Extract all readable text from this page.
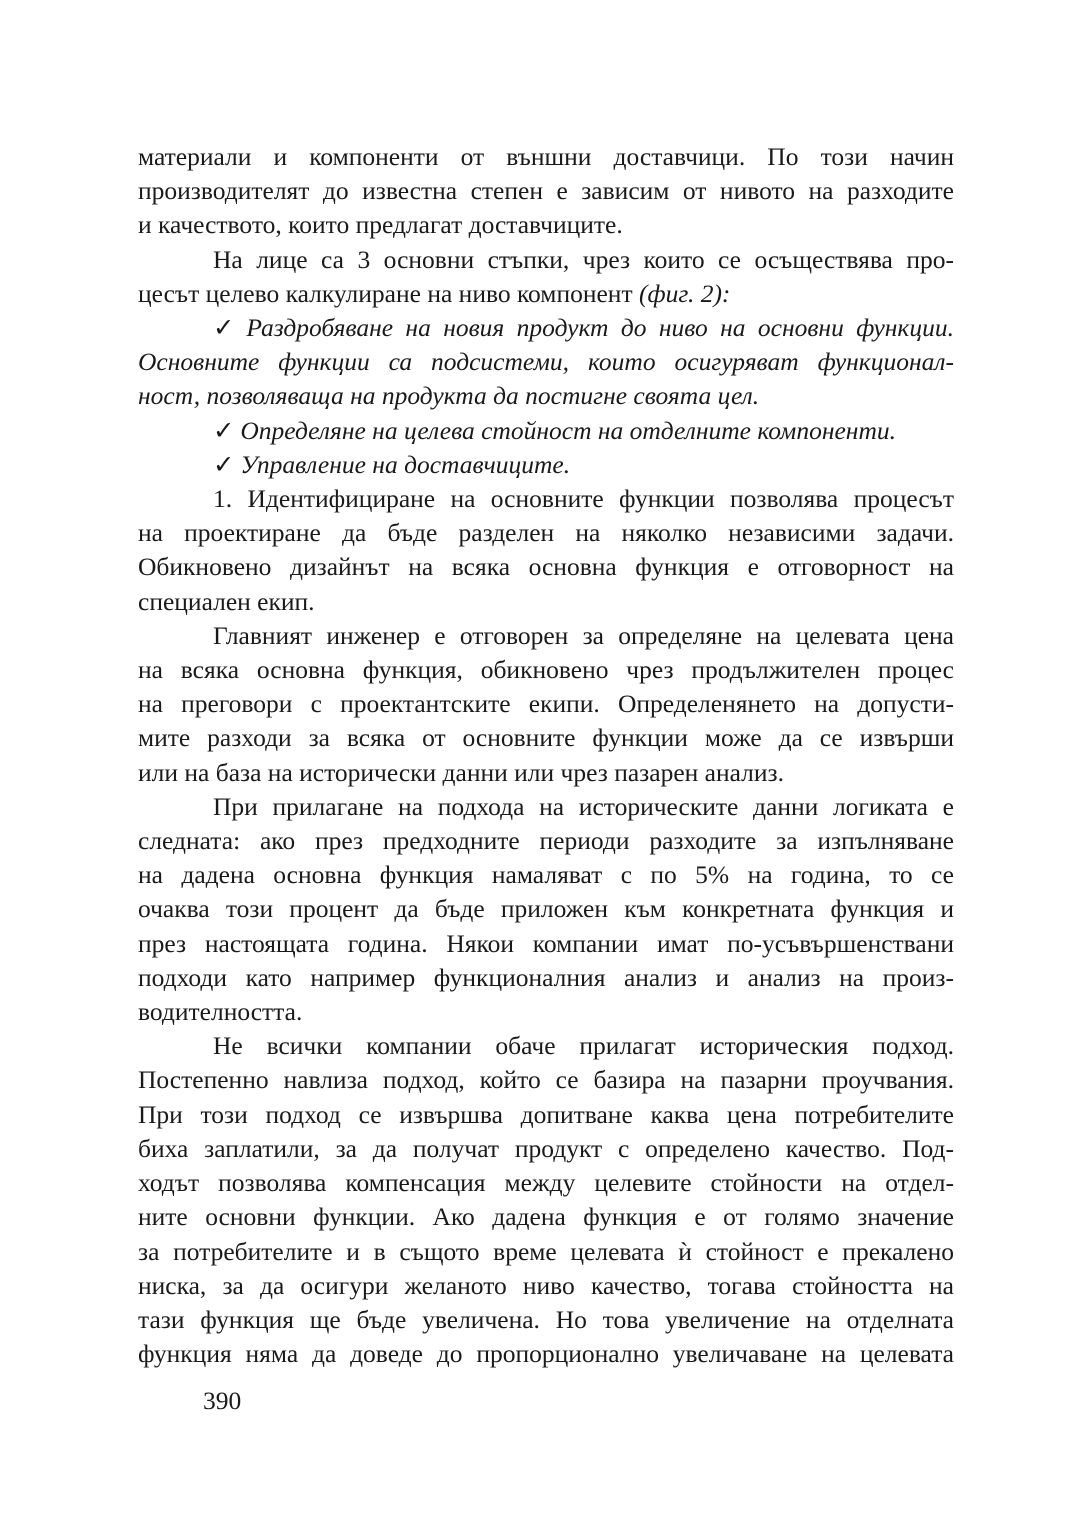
материали и компоненти от външни доставчици. По този начин
производителят до известна степен е зависим от нивото на разходите
и качеството, които предлагат доставчиците.
На лице са 3 основни стъпки, чрез които се осъществява про-
цесът целево калкулиране на ниво компонент (фиг. 2):
✓ Раздробяване на новия продукт до ниво на основни функции.
Основните функции са подсистеми, които осигуряват функционал-
ност, позволяваща на продукта да постигне своята цел.
✓ Определяне на целева стойност на отделните компоненти.
✓ Управление на доставчиците.
1. Идентифициране на основните функции позволява процесът
на проектиране да бъде разделен на няколко независими задачи.
Обикновено дизайнът на всяка основна функция е отговорност на
специален екип.
Главният инженер е отговорен за определяне на целевата цена
на всяка основна функция, обикновено чрез продължителен процес
на преговори с проектантските екипи. Определенянето на допусти-
мите разходи за всяка от основните функции може да се извърши
или на база на исторически данни или чрез пазарен анализ.
При прилагане на подхода на историческите данни логиката е
следната: ако през предходните периоди разходите за изпълняване
на дадена основна функция намаляват с по 5% на година, то се
очаква този процент да бъде приложен към конкретната функция и
през настоящата година. Някои компании имат по-усъвършенствани
подходи като например функционалния анализ и анализ на произ-
водителността.
Не всички компании обаче прилагат историческия подход.
Постепенно навлиза подход, който се базира на пазарни проучвания.
При този подход се извършва допитване каква цена потребителите
биха заплатили, за да получат продукт с определено качество. Под-
ходът позволява компенсация между целевите стойности на отдел-
ните основни функции. Ако дадена функция е от голямо значение
за потребителите и в същото време целевата ѝ стойност е прекалено
ниска, за да осигури желаното ниво качество, тогава стойността на
тази функция ще бъде увеличена. Но това увеличение на отделната
функция няма да доведе до пропорционално увеличаване на целевата
390
